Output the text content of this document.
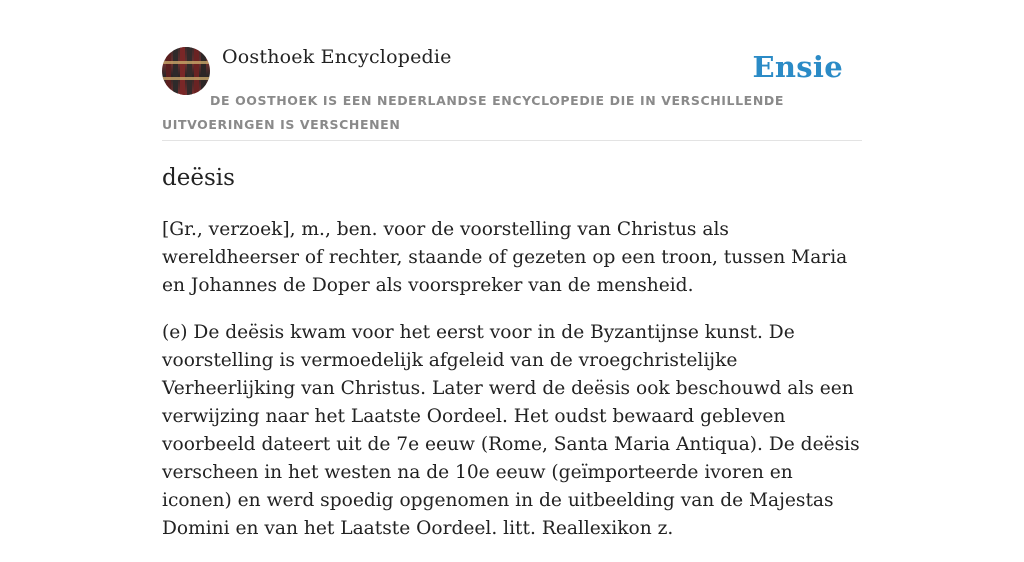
Oosthoek Encyclopedie	Ensie
DE OOSTHOEK IS EEN NEDERLANDSE ENCYCLOPEDIE DIE IN VERSCHILLENDE UITVOERINGEN IS VERSCHENEN
deësis

[Gr., verzoek], m., ben. voor de voorstelling van Christus als wereldheerser of rechter, staande of gezeten op een troon, tussen Maria en Johannes de Doper als voorspreker van de mensheid.

(e) De deësis kwam voor het eerst voor in de Byzantijnse kunst. De voorstelling is vermoedelijk afgeleid van de vroegchristelijke Verheerlijking van Christus. Later werd de deësis ook beschouwd als een verwijzing naar het Laatste Oordeel. Het oudst bewaard gebleven voorbeeld dateert uit de 7e eeuw (Rome, Santa Maria Antiqua). De deësis verscheen in het westen na de 10e eeuw (geïmporteerde ivoren en iconen) en werd spoedig opgenomen in de uitbeelding van de Majestas Domini en van het Laatste Oordeel. litt. Reallexikon z.
